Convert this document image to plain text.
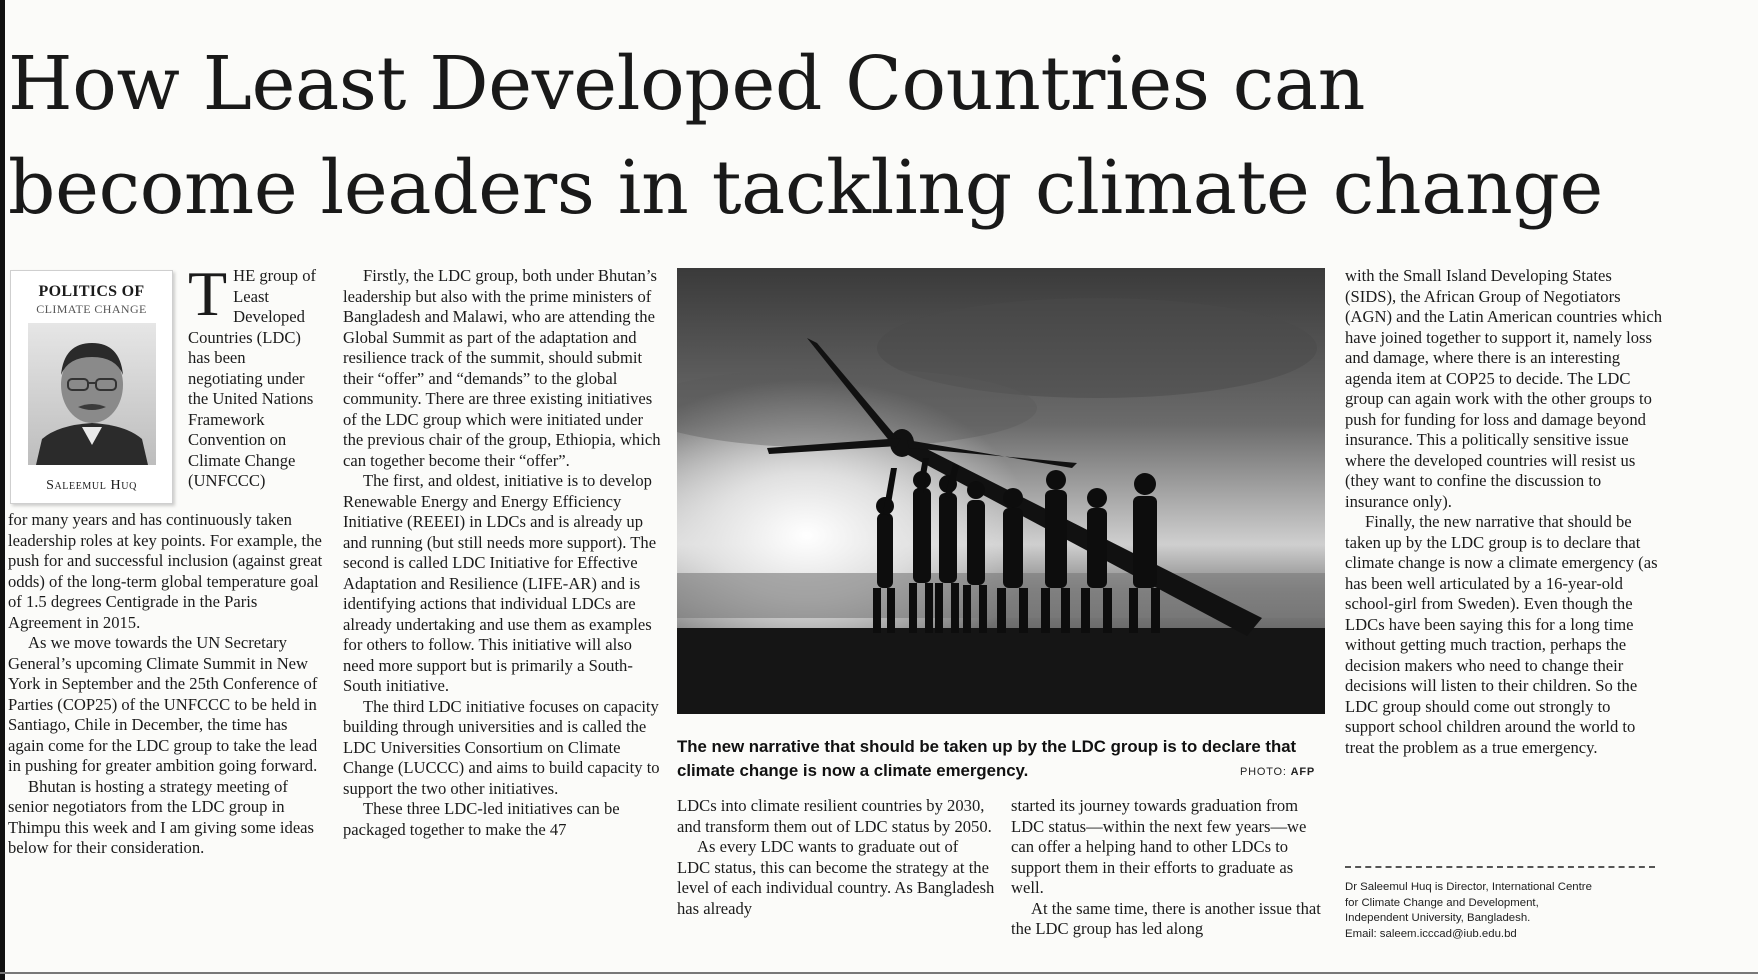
How Least Developed Countries can
become leaders in tackling climate change
POLITICS OF
CLIMATE CHANGE
Saleemul Huq
THE group of Least Developed Countries (LDC) has been negotiating under the United Nations Framework Convention on Climate Change (UNFCCC)

for many years and has continuously taken leadership roles at key points. For example, the push for and successful inclusion (against great odds) of the long-term global temperature goal of 1.5 degrees Centigrade in the Paris Agreement in 2015.

As we move towards the UN Secretary General’s upcoming Climate Summit in New York in September and the 25th Conference of Parties (COP25) of the UNFCCC to be held in Santiago, Chile in December, the time has again come for the LDC group to take the lead in pushing for greater ambition going forward.

Bhutan is hosting a strategy meeting of senior negotiators from the LDC group in Thimpu this week and I am giving some ideas below for their consideration.

Firstly, the LDC group, both under Bhutan’s leadership but also with the prime ministers of Bangladesh and Malawi, who are attending the Global Summit as part of the adaptation and resilience track of the summit, should submit their “offer” and “demands” to the global community. There are three existing initiatives of the LDC group which were initiated under the previous chair of the group, Ethiopia, which can together become their “offer”.

The first, and oldest, initiative is to develop Renewable Energy and Energy Efficiency Initiative (REEEI) in LDCs and is already up and running (but still needs more support). The second is called LDC Initiative for Effective Adaptation and Resilience (LIFE-AR) and is identifying actions that individual LDCs are already undertaking and use them as examples for others to follow. This initiative will also need more support but is primarily a South-South initiative.

The third LDC initiative focuses on capacity building through universities and is called the LDC Universities Consortium on Climate Change (LUCCC) and aims to build capacity to support the two other initiatives.

These three LDC-led initiatives can be packaged together to make the 47

The new narrative that should be taken up by the LDC group is to declare that
climate change is now a climate emergency.	PHOTO: AFP

LDCs into climate resilient countries by 2030, and transform them out of LDC status by 2050.

As every LDC wants to graduate out of LDC status, this can become the strategy at the level of each individual country. As Bangladesh has already

started its journey towards graduation from LDC status—within the next few years—we can offer a helping hand to other LDCs to support them in their efforts to graduate as well.

At the same time, there is another issue that the LDC group has led along

with the Small Island Developing States (SIDS), the African Group of Negotiators (AGN) and the Latin American countries which have joined together to support it, namely loss and damage, where there is an interesting agenda item at COP25 to decide. The LDC group can again work with the other groups to push for funding for loss and damage beyond insurance. This a politically sensitive issue where the developed countries will resist us (they want to confine the discussion to insurance only).

Finally, the new narrative that should be taken up by the LDC group is to declare that climate change is now a climate emergency (as has been well articulated by a 16-year-old school-girl from Sweden). Even though the LDCs have been saying this for a long time without getting much traction, perhaps the decision makers who need to change their decisions will listen to their children. So the LDC group should come out strongly to support school children around the world to treat the problem as a true emergency.

Dr Saleemul Huq is Director, International Centre
for Climate Change and Development,
Independent University, Bangladesh.
Email: saleem.icccad@iub.edu.bd
